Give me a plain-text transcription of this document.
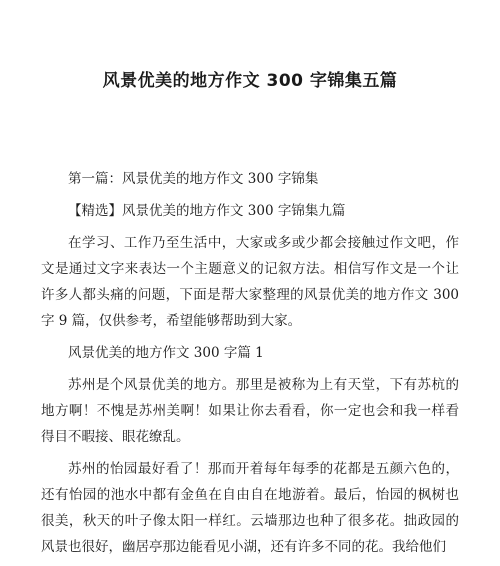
风景优美的地方作文 300 字锦集五篇

第一篇：风景优美的地方作文 300 字锦集

【精选】风景优美的地方作文 300 字锦集九篇

在学习、工作乃至生活中，大家或多或少都会接触过作文吧，作文是通过文字来表达一个主题意义的记叙方法。相信写作文是一个让许多人都头痛的问题，下面是帮大家整理的风景优美的地方作文 300 字 9 篇，仅供参考，希望能够帮助到大家。

风景优美的地方作文 300 字篇 1

苏州是个风景优美的地方。那里是被称为上有天堂，下有苏杭的地方啊！不愧是苏州美啊！如果让你去看看，你一定也会和我一样看得目不暇接、眼花缭乱。

苏州的怡园最好看了！那而开着每年每季的花都是五颜六色的，还有怡园的池水中都有金鱼在自由自在地游着。最后，怡园的枫树也很美，秋天的叶子像太阳一样红。云墙那边也种了很多花。拙政园的风景也很好，幽居亭那边能看见小湖，还有许多不同的花。我给他们
